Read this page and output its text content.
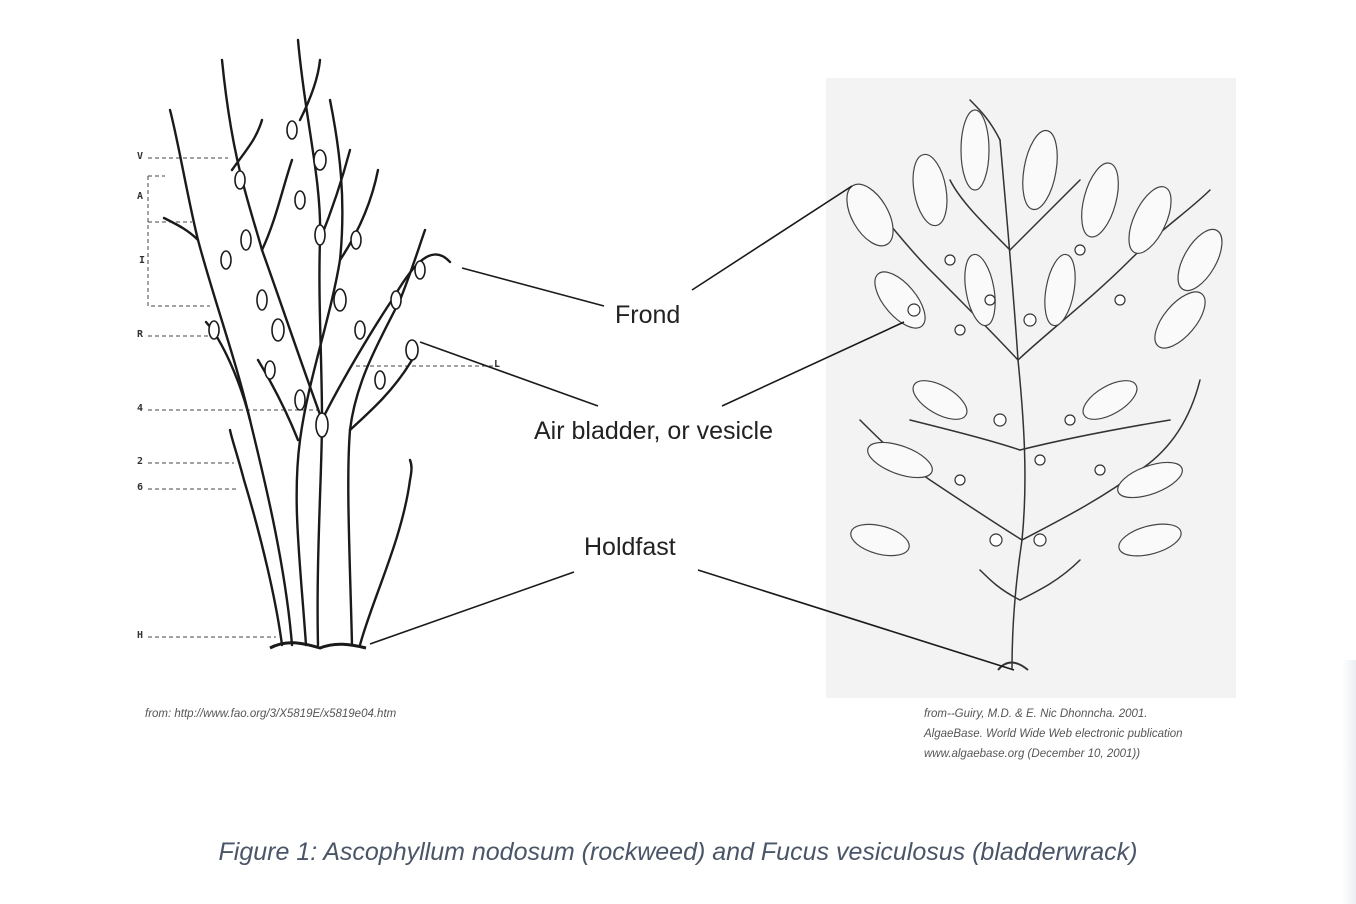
V
A
I
R
4
2
6
H
L
Frond
Air bladder, or vesicle
Holdfast
from: http://www.fao.org/3/X5819E/x5819e04.htm	from--Guiry, M.D. & E. Nic Dhonncha. 2001.
AlgaeBase. World Wide Web electronic publication
www.algaebase.org (December 10, 2001))
Figure 1: Ascophyllum nodosum (rockweed) and Fucus vesiculosus (bladderwrack)
